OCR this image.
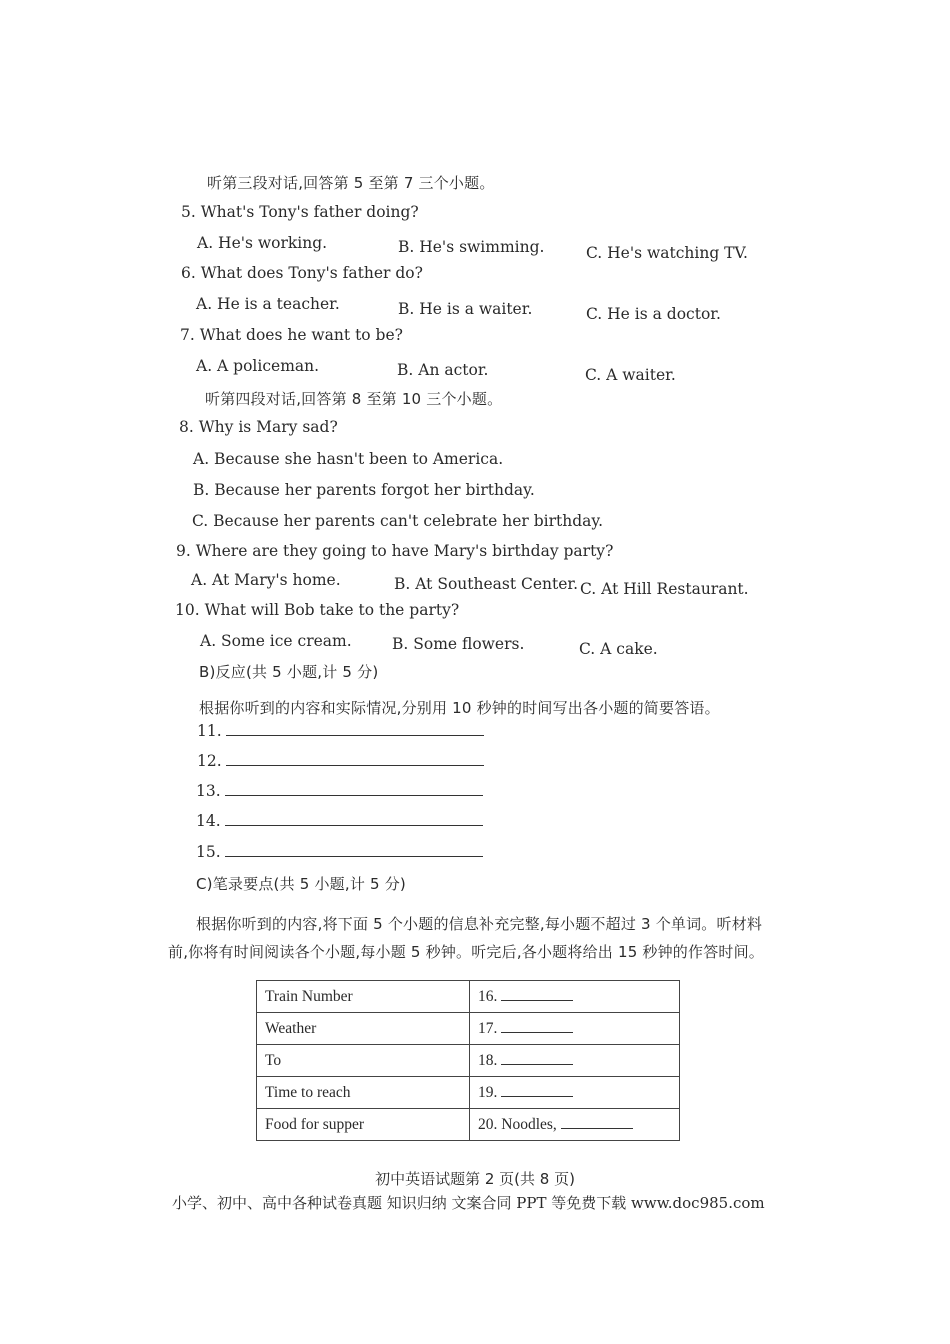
听第三段对话,回答第 5 至第 7 三个小题。
5. What's Tony's father doing?
A. He's working.	B. He's swimming.	C. He's watching TV.
6. What does Tony's father do?
A. He is a teacher.	B. He is a waiter.	C. He is a doctor.
7. What does he want to be?
A. A policeman.	B. An actor.	C. A waiter.
听第四段对话,回答第 8 至第 10 三个小题。
8. Why is Mary sad?
A. Because she hasn't been to America.
B. Because her parents forgot her birthday.
C. Because her parents can't celebrate her birthday.
9. Where are they going to have Mary's birthday party?
A. At Mary's home.	B. At Southeast Center. C. At Hill Restaurant.
10. What will Bob take to the party?
A. Some ice cream.	B. Some flowers.	C. A cake.
B)反应(共 5 小题,计 5 分)
根据你听到的内容和实际情况,分别用 10 秒钟的时间写出各小题的简要答语。
11.
12.
13.
14.
15.
C)笔录要点(共 5 小题,计 5 分)
根据你听到的内容,将下面 5 个小题的信息补充完整,每小题不超过 3 个单词。听材料
前,你将有时间阅读各个小题,每小题 5 秒钟。听完后,各小题将给出 15 秒钟的作答时间。
Train Number	16.
Weather	17.
To	18.
Time to reach	19.
Food for supper	20. Noodles,
初中英语试题第 2 页(共 8 页)
小学、初中、高中各种试卷真题 知识归纳 文案合同 PPT 等免费下载 www.doc985.com
